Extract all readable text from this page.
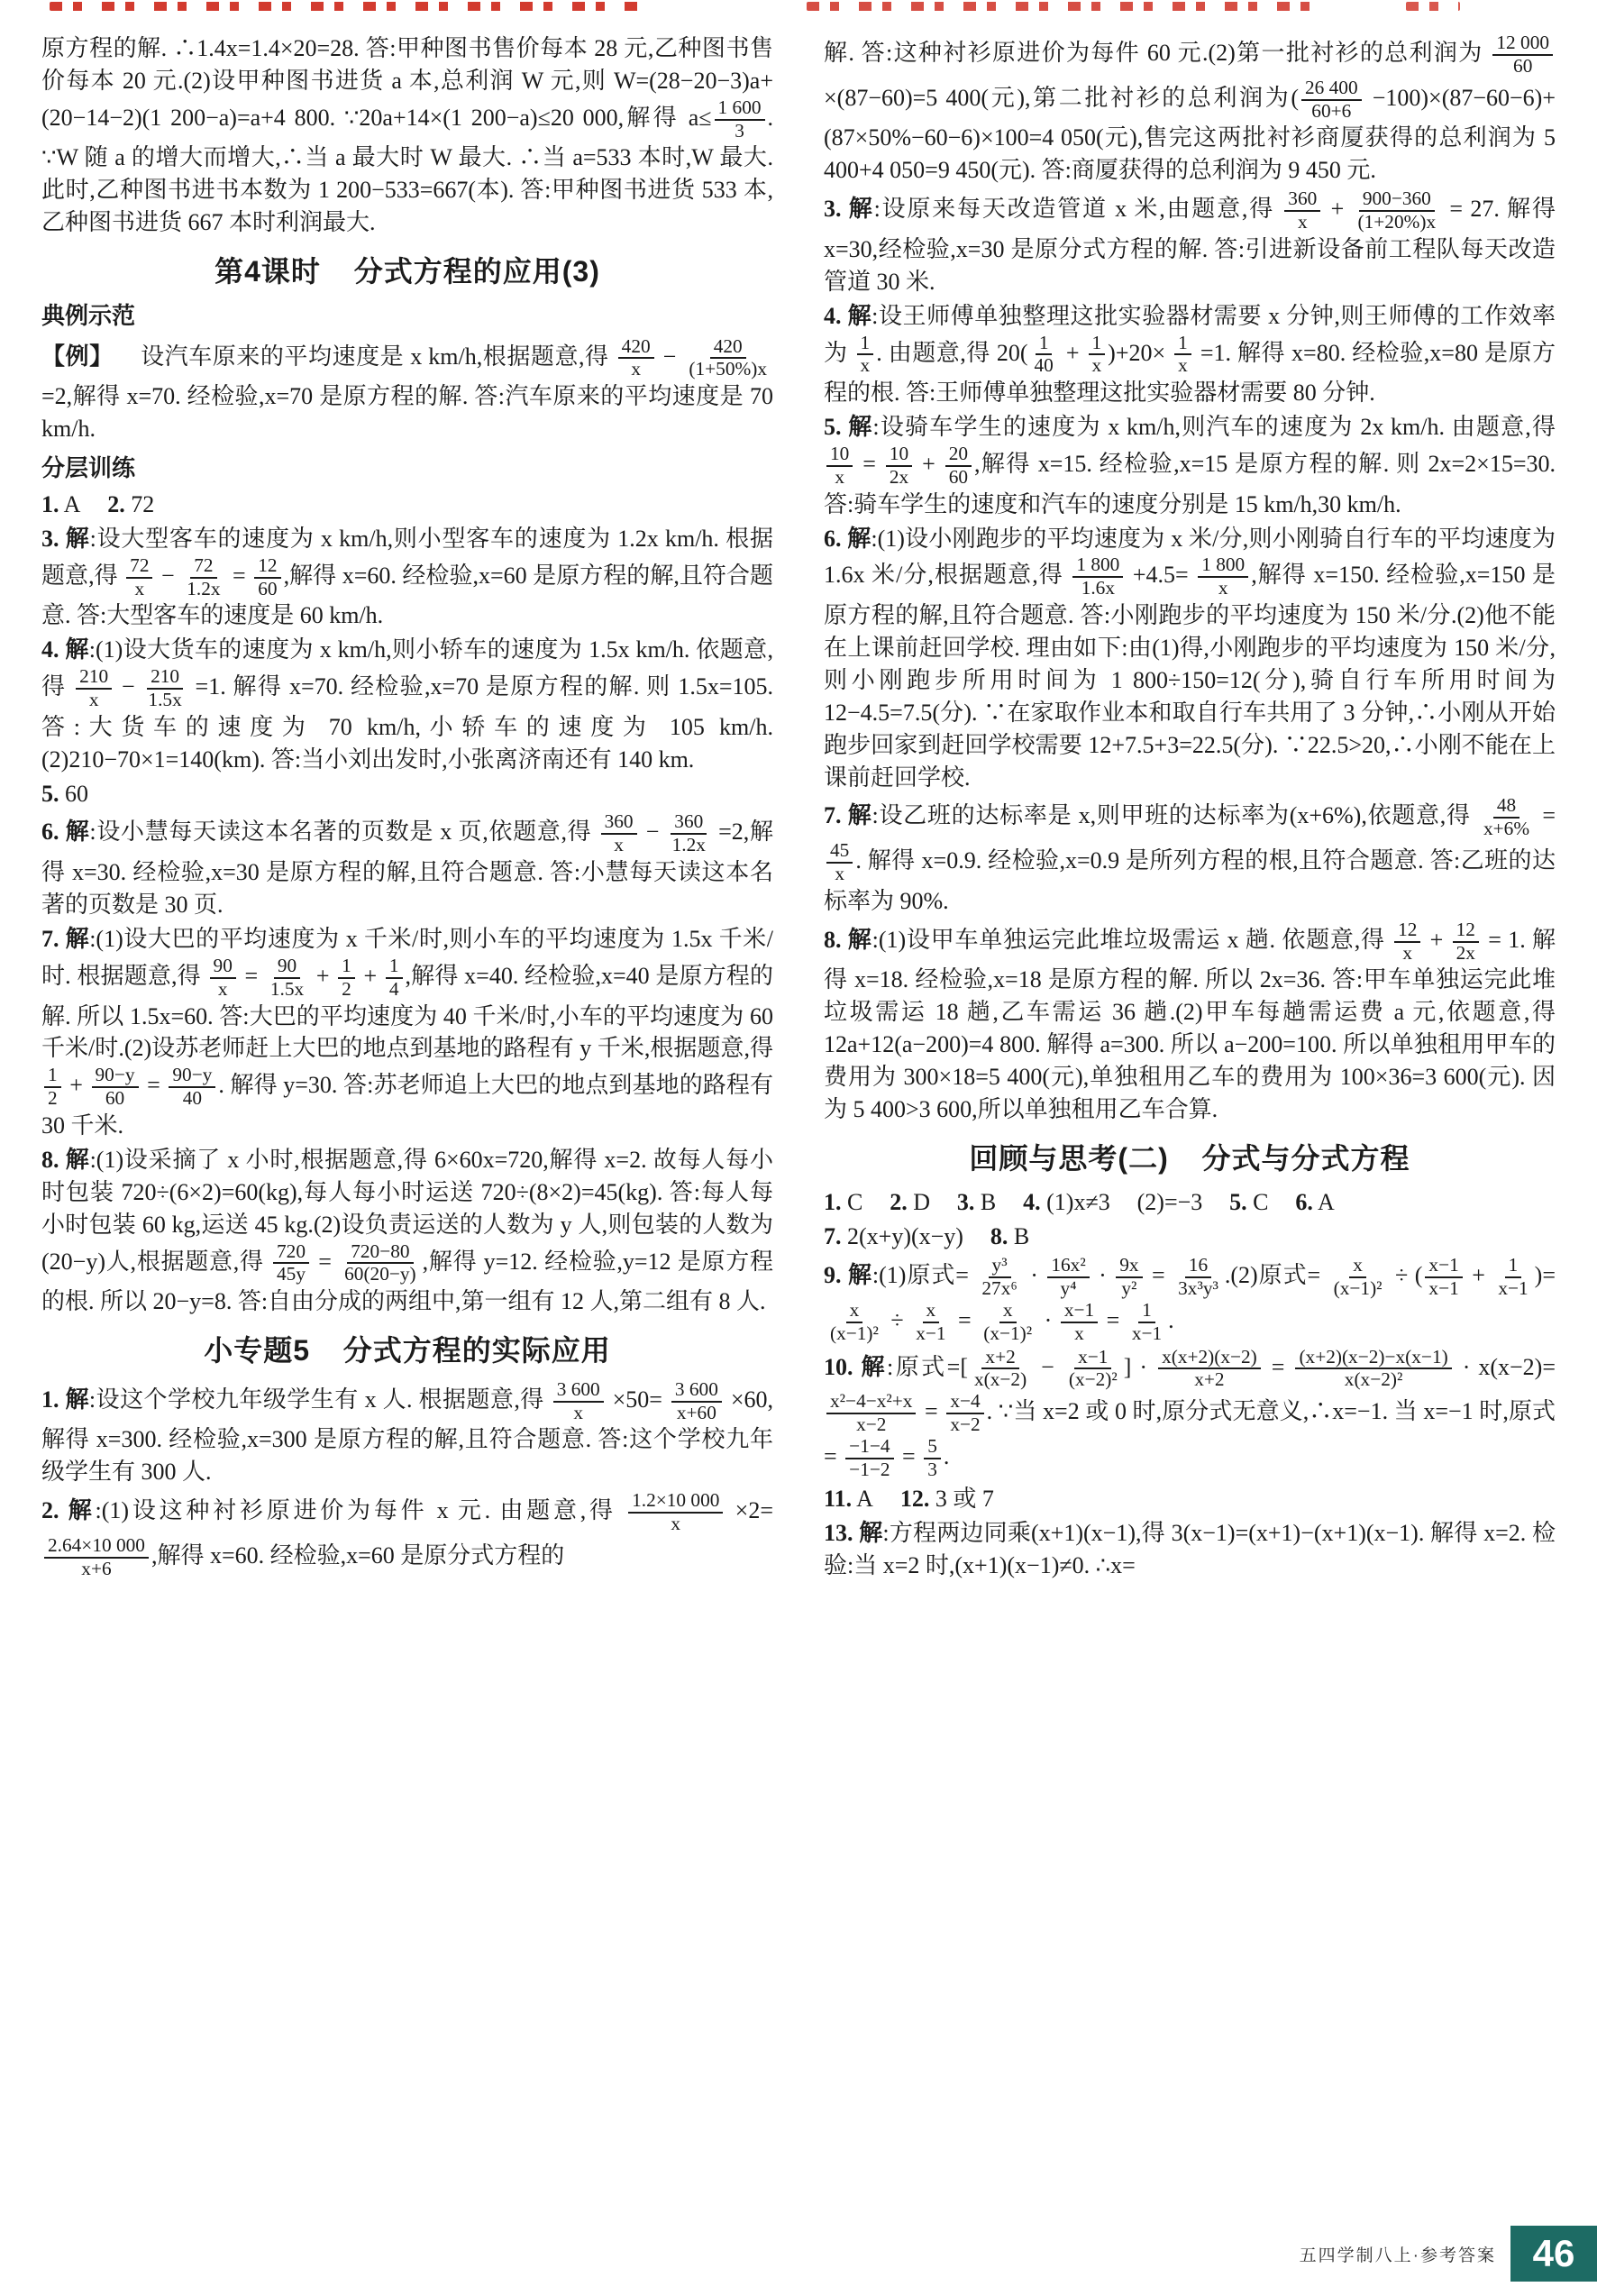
原方程的解. ∴1.4x=1.4×20=28. 答:甲种图书售价每本 28 元,乙种图书售价每本 20 元.(2)设甲种图书进货 a 本,总利润 W 元,则 W=(28−20−3)a+(20−14−2)(1 200−a)=a+4 800. ∵20a+14×(1 200−a)≤20 000,解得 $a\le \frac{1 600}{3}$ . ∵W 随 a 的增大而增大,∴当 a 最大时 W 最大. ∴当 a=533 本时,W 最大. 此时,乙种图书进书本数为 1 200−533=667(本). 答:甲种图书进货 533 本,乙种图书进货 667 本时利润最大.
第4课时 分式方程的应用(3)
典例示范
【例】 设汽车原来的平均速度是 x km/h,根据题意,得 $\frac{420}{x} - \frac{420}{(1+50\%)x}$
=2,解得 x=70. 经检验,x=70 是原方程的解. 答:汽车原来的平均速度是 70 km/h.
分层训练
1. A 2. 72
3. 解:设大型客车的速度为 x km/h,则小型客车的速度为 1.2x km/h. 根据题意,得 $\frac{72}{x} - \frac{72}{1.2x} = \frac{12}{60}$ ,解得 x=60. 经检验,x=60 是原方程的解,且符合题意. 答:大型客车的速度是 60 km/h.
4. 解:(1)设大货车的速度为 x km/h,则小轿车的速度为 1.5x km/h. 依题意,得 $\frac{210}{x} - \frac{210}{1.5x} =1$. 解得 x=70. 经检验,x=70 是原方程的解. 则 1.5x=105. 答:大货车的速度为 70 km/h,小轿车的速度为 105 km/h.(2)210−70×1=140(km). 答:当小刘出发时,小张离济南还有 140 km.
5. 60
6. 解:设小慧每天读这本名著的页数是 x 页,依题意,得 $\frac{360}{x} - \frac{360}{1.2x} =2$,解得 x=30. 经检验,x=30 是原方程的解,且符合题意. 答:小慧每天读这本名著的页数是 30 页.
7. 解:(1)设大巴的平均速度为 x 千米/时,则小车的平均速度为 1.5x 千米/时. 根据题意,得 $\frac{90}{x} = \frac{90}{1.5x} + \frac{1}{2} + \frac{1}{4}$ ,解得 x=40. 经检验,x=40 是原方程的解. 所以 1.5x=60. 答:大巴的平均速度为 40 千米/时,小车的平均速度为 60 千米/时.(2)设苏老师赶上大巴的地点到基地的路程有 y 千米,根据题意,得
$\frac{1}{2} + \frac{90-y}{60} = \frac{90-y}{40}$ . 解得 y=30. 答:苏老师追上大巴的地点到基地的路程有 30 千米.
8. 解:(1)设采摘了 x 小时,根据题意,得 6×60x=720,解得 x=2. 故每人每小时包装 720÷(6×2)=60(kg),每人每小时运送 720÷(8×2)=45(kg). 答:每人每小时包装 60 kg,运送 45 kg.(2)设负责运送的人数为 y 人,则包装的人数为(20−y)人,根据题意,得 $\frac{720}{45y} = \frac{720-80}{60(20-y)}$ ,解得 y=12. 经检验,y=12 是原方程的根. 所以 20−y=8. 答:自由分成的两组中,第一组有 12 人,第二组有 8 人.
小专题5 分式方程的实际应用
1. 解:设这个学校九年级学生有 x 人. 根据题意,得 $\frac{3 600}{x} \times 50= \frac{3 600}{x+60} \times 60$,解得 x=300. 经检验,x=300 是原方程的解,且符合题意. 答:这个学校九年级学生有 300 人.
2. 解:(1)设这种衬衫原进价为每件 x 元. 由题意,得 $\frac{1.2\times 10 000}{x} \times 2=$
$\frac{2.64\times 10 000}{x+6}$ ,解得 x=60. 经检验,x=60 是原分式方程的
解. 答:这种衬衫原进价为每件 60 元.(2)第一批衬衫的总利润为 $\frac{12 000}{60}$
×(87−60)=5 400(元),第二批衬衫的总利润为( $\frac{26 400}{60+6} -100)\times(87-60-6)+(87\times 50\%-60-6)\times 100=4$ 050(元),售完这两批衬衫商厦获得的总利润为 5 400+4 050=9 450(元). 答:商厦获得的总利润为 9 450 元.
3. 解:设原来每天改造管道 x 米,由题意,得 $\frac{360}{x} + \frac{900-360}{(1+20\%)x} = 27$. 解得 x=30,经检验,x=30 是原分式方程的解. 答:引进新设备前工程队每天改造管道 30 米.
4. 解:设王师傅单独整理这批实验器材需要 x 分钟,则王师傅的工作效率为 $\frac{1}{x}$ . 由题意,得 $20( \frac{1}{40} + \frac{1}{x} )+20\times \frac{1}{x} =1$. 解得 x=80. 经检验,x=80 是原方程的根. 答:王师傅单独整理这批实验器材需要 80 分钟.
5. 解:设骑车学生的速度为 x km/h,则汽车的速度为 2x km/h. 由题意,得
$\frac{10}{x} = \frac{10}{2x} + \frac{20}{60}$ ,解得 x=15. 经检验,x=15 是原方程的解. 则 2x=2×15=30. 答:骑车学生的速度和汽车的速度分别是 15 km/h,30 km/h.
6. 解:(1)设小刚跑步的平均速度为 x 米/分,则小刚骑自行车的平均速度为 1.6x 米/分,根据题意,得 $\frac{1 800}{1.6x} +4.5= \frac{1 800}{x}$ ,解得 x=150. 经检验,x=150 是原方程的解,且符合题意. 答:小刚跑步的平均速度为 150 米/分.(2)他不能在上课前赶回学校. 理由如下:由(1)得,小刚跑步的平均速度为 150 米/分,则小刚跑步所用时间为 1 800÷150=12(分),骑自行车所用时间为 12−4.5=7.5(分). ∵在家取作业本和取自行车共用了 3 分钟,∴小刚从开始跑步回家到赶回学校需要 12+7.5+3=22.5(分). ∵22.5>20,∴小刚不能在上课前赶回学校.
7. 解:设乙班的达标率是 x,则甲班的达标率为(x+6%),依题意,得 $\frac{48}{x+6\%}$ =
$\frac{45}{x}$ . 解得 x=0.9. 经检验,x=0.9 是所列方程的根,且符合题意. 答:乙班的达标率为 90%.
8. 解:(1)设甲车单独运完此堆垃圾需运 x 趟. 依题意,得 $\frac{12}{x} + \frac{12}{2x} = 1$. 解得 x=18. 经检验,x=18 是原方程的解. 所以 2x=36. 答:甲车单独运完此堆垃圾需运 18 趟,乙车需运 36 趟.(2)甲车每趟需运费 a 元,依题意,得 12a+12(a−200)=4 800. 解得 a=300. 所以 a−200=100. 所以单独租用甲车的费用为 300×18=5 400(元),单独租用乙车的费用为 100×36=3 600(元). 因为 5 400>3 600,所以单独租用乙车合算.
回顾与思考(二) 分式与分式方程
1. C 2. D 3. B 4. (1)x≠3 (2)=−3 5. C 6. A
7. 2(x+y)(x−y) 8. B
9. 解:(1)原式= $\frac{\text{y³}}{\text{27x⁶}} \cdot \frac{\text{16x²}}{\text{y⁴}} \cdot \frac{9x}{\text{y²}} = \frac{16}{\text{3x³y³}} .(2)$原式= $\frac{x}{\text{(x−1)²}}$ ÷ ( $\frac{x-1}{x-1} + \frac{1}{x-1}$ )=
$\frac{x}{\text{(x−1)²}} \div \frac{x}{x-1} = \frac{x}{\text{(x−1)²}} \cdot \frac{x-1}{x} = \frac{1}{x-1}$ .
10. 解:原式=[ $\frac{x+2}{x(x-2)} - \frac{x-1}{\text{(x−2)²}}$ ] · $\frac{x(x+2)(x-2)}{x+2} = \frac{(x+2)(x-2)-x(x-1)}{\text{x(x−2)²}} \cdot x(x-2)=$
$\frac{\text{x²−4−x²+x}}{x-2} = \frac{x-4}{x-2}$ . ∵当 x=2 或 0 时,原分式无意义,∴x=−1. 当 x=−1 时,原式= $\frac{-1-4}{-1-2} = \frac{5}{3}$ .
11. A 12. 3 或 7
13. 解:方程两边同乘(x+1)(x−1),得 3(x−1)=(x+1)−(x+1)(x−1). 解得 x=2. 检验:当 x=2 时,(x+1)(x−1)≠0. ∴x=
五四学制八上·参考答案 46
